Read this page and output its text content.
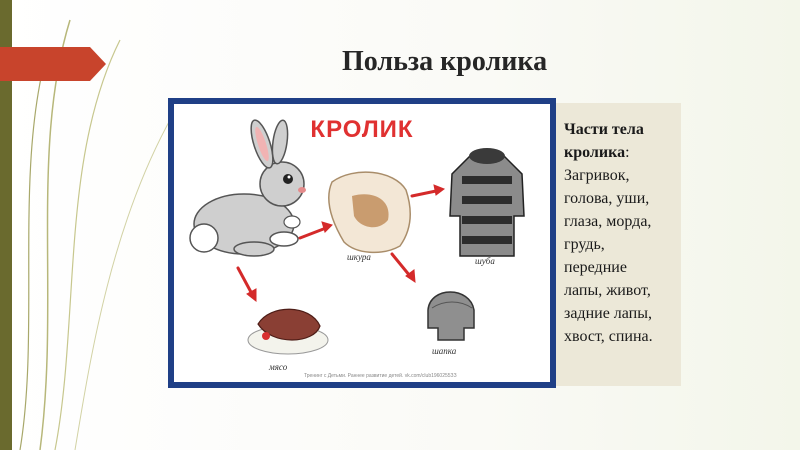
Польза кролика
КРОЛИК
шкура	шуба
мясо
шапка
Тренинг с Детьми. Раннее развитие детей. vk.com/club1960255ЗЗ
Части тела
кролика:
Загривок,
голова, уши,
глаза, морда,
грудь,
передние
лапы, живот,
задние лапы,
хвост, спина.
